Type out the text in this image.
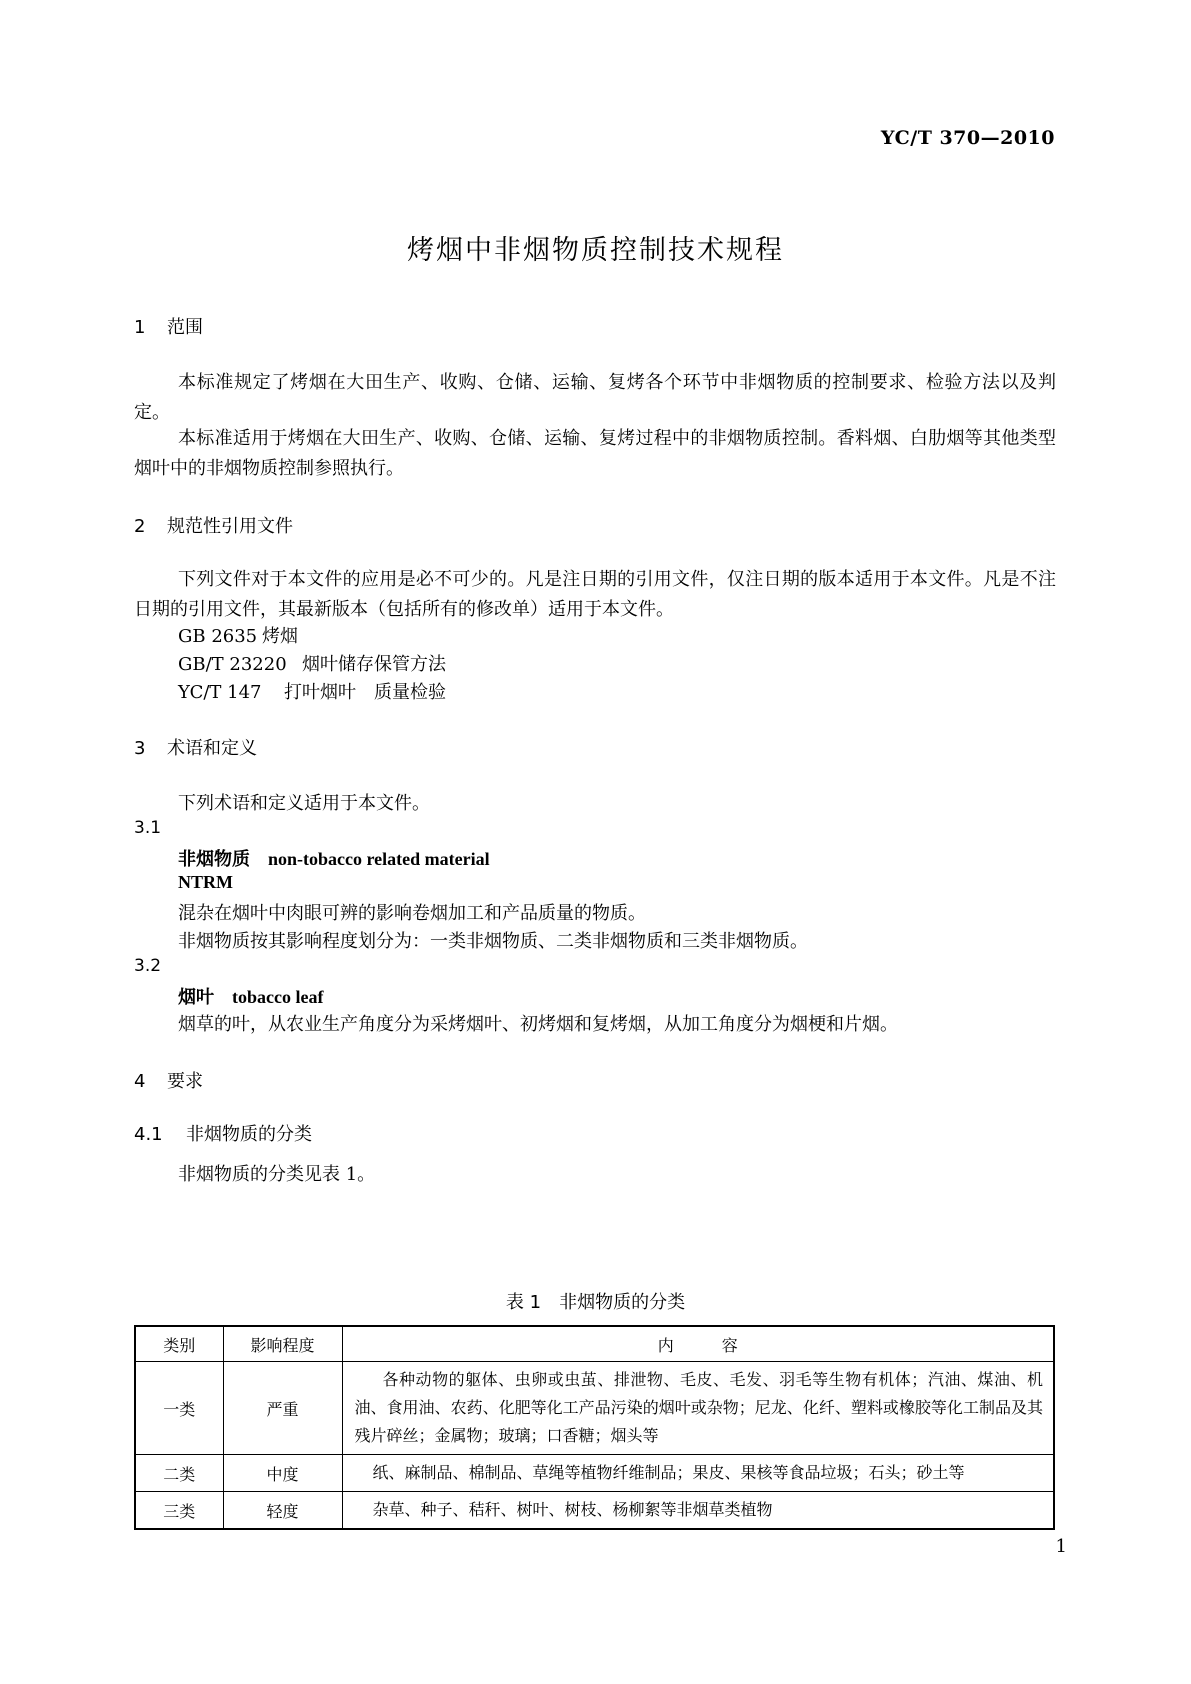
YC/T 370—2010
烤烟中非烟物质控制技术规程
1 范围
本标准规定了烤烟在大田生产、收购、仓储、运输、复烤各个环节中非烟物质的控制要求、检验方法以及判定。
本标准适用于烤烟在大田生产、收购、仓储、运输、复烤过程中的非烟物质控制。香料烟、白肋烟等其他类型烟叶中的非烟物质控制参照执行。
2 规范性引用文件
下列文件对于本文件的应用是必不可少的。凡是注日期的引用文件，仅注日期的版本适用于本文件。凡是不注日期的引用文件，其最新版本（包括所有的修改单）适用于本文件。
GB 2635 烤烟
GB/T 23220 烟叶储存保管方法
YC/T 147 打叶烟叶　质量检验
3 术语和定义
下列术语和定义适用于本文件。
3.1
非烟物质　 non-tobacco related material
NTRM
混杂在烟叶中肉眼可辨的影响卷烟加工和产品质量的物质。
非烟物质按其影响程度划分为：一类非烟物质、二类非烟物质和三类非烟物质。
3.2
烟叶　 tobacco leaf
烟草的叶，从农业生产角度分为采烤烟叶、初烤烟和复烤烟，从加工角度分为烟梗和片烟。
4 要求
4.1 非烟物质的分类
非烟物质的分类见表 1。
表 1　 非烟物质的分类
类别	影响程度	内　　　容
一类	严重	各种动物的躯体、虫卵或虫茧、排泄物、毛皮、毛发、羽毛等生物有机体；汽油、煤油、机油、食用油、农药、化肥等化工产品污染的烟叶或杂物；尼龙、化纤、塑料或橡胶等化工制品及其残片碎丝；金属物；玻璃；口香糖；烟头等
二类	中度	纸、麻制品、棉制品、草绳等植物纤维制品；果皮、果核等食品垃圾；石头；砂土等
三类	轻度	杂草、种子、秸秆、树叶、树枝、杨柳絮等非烟草类植物
1
